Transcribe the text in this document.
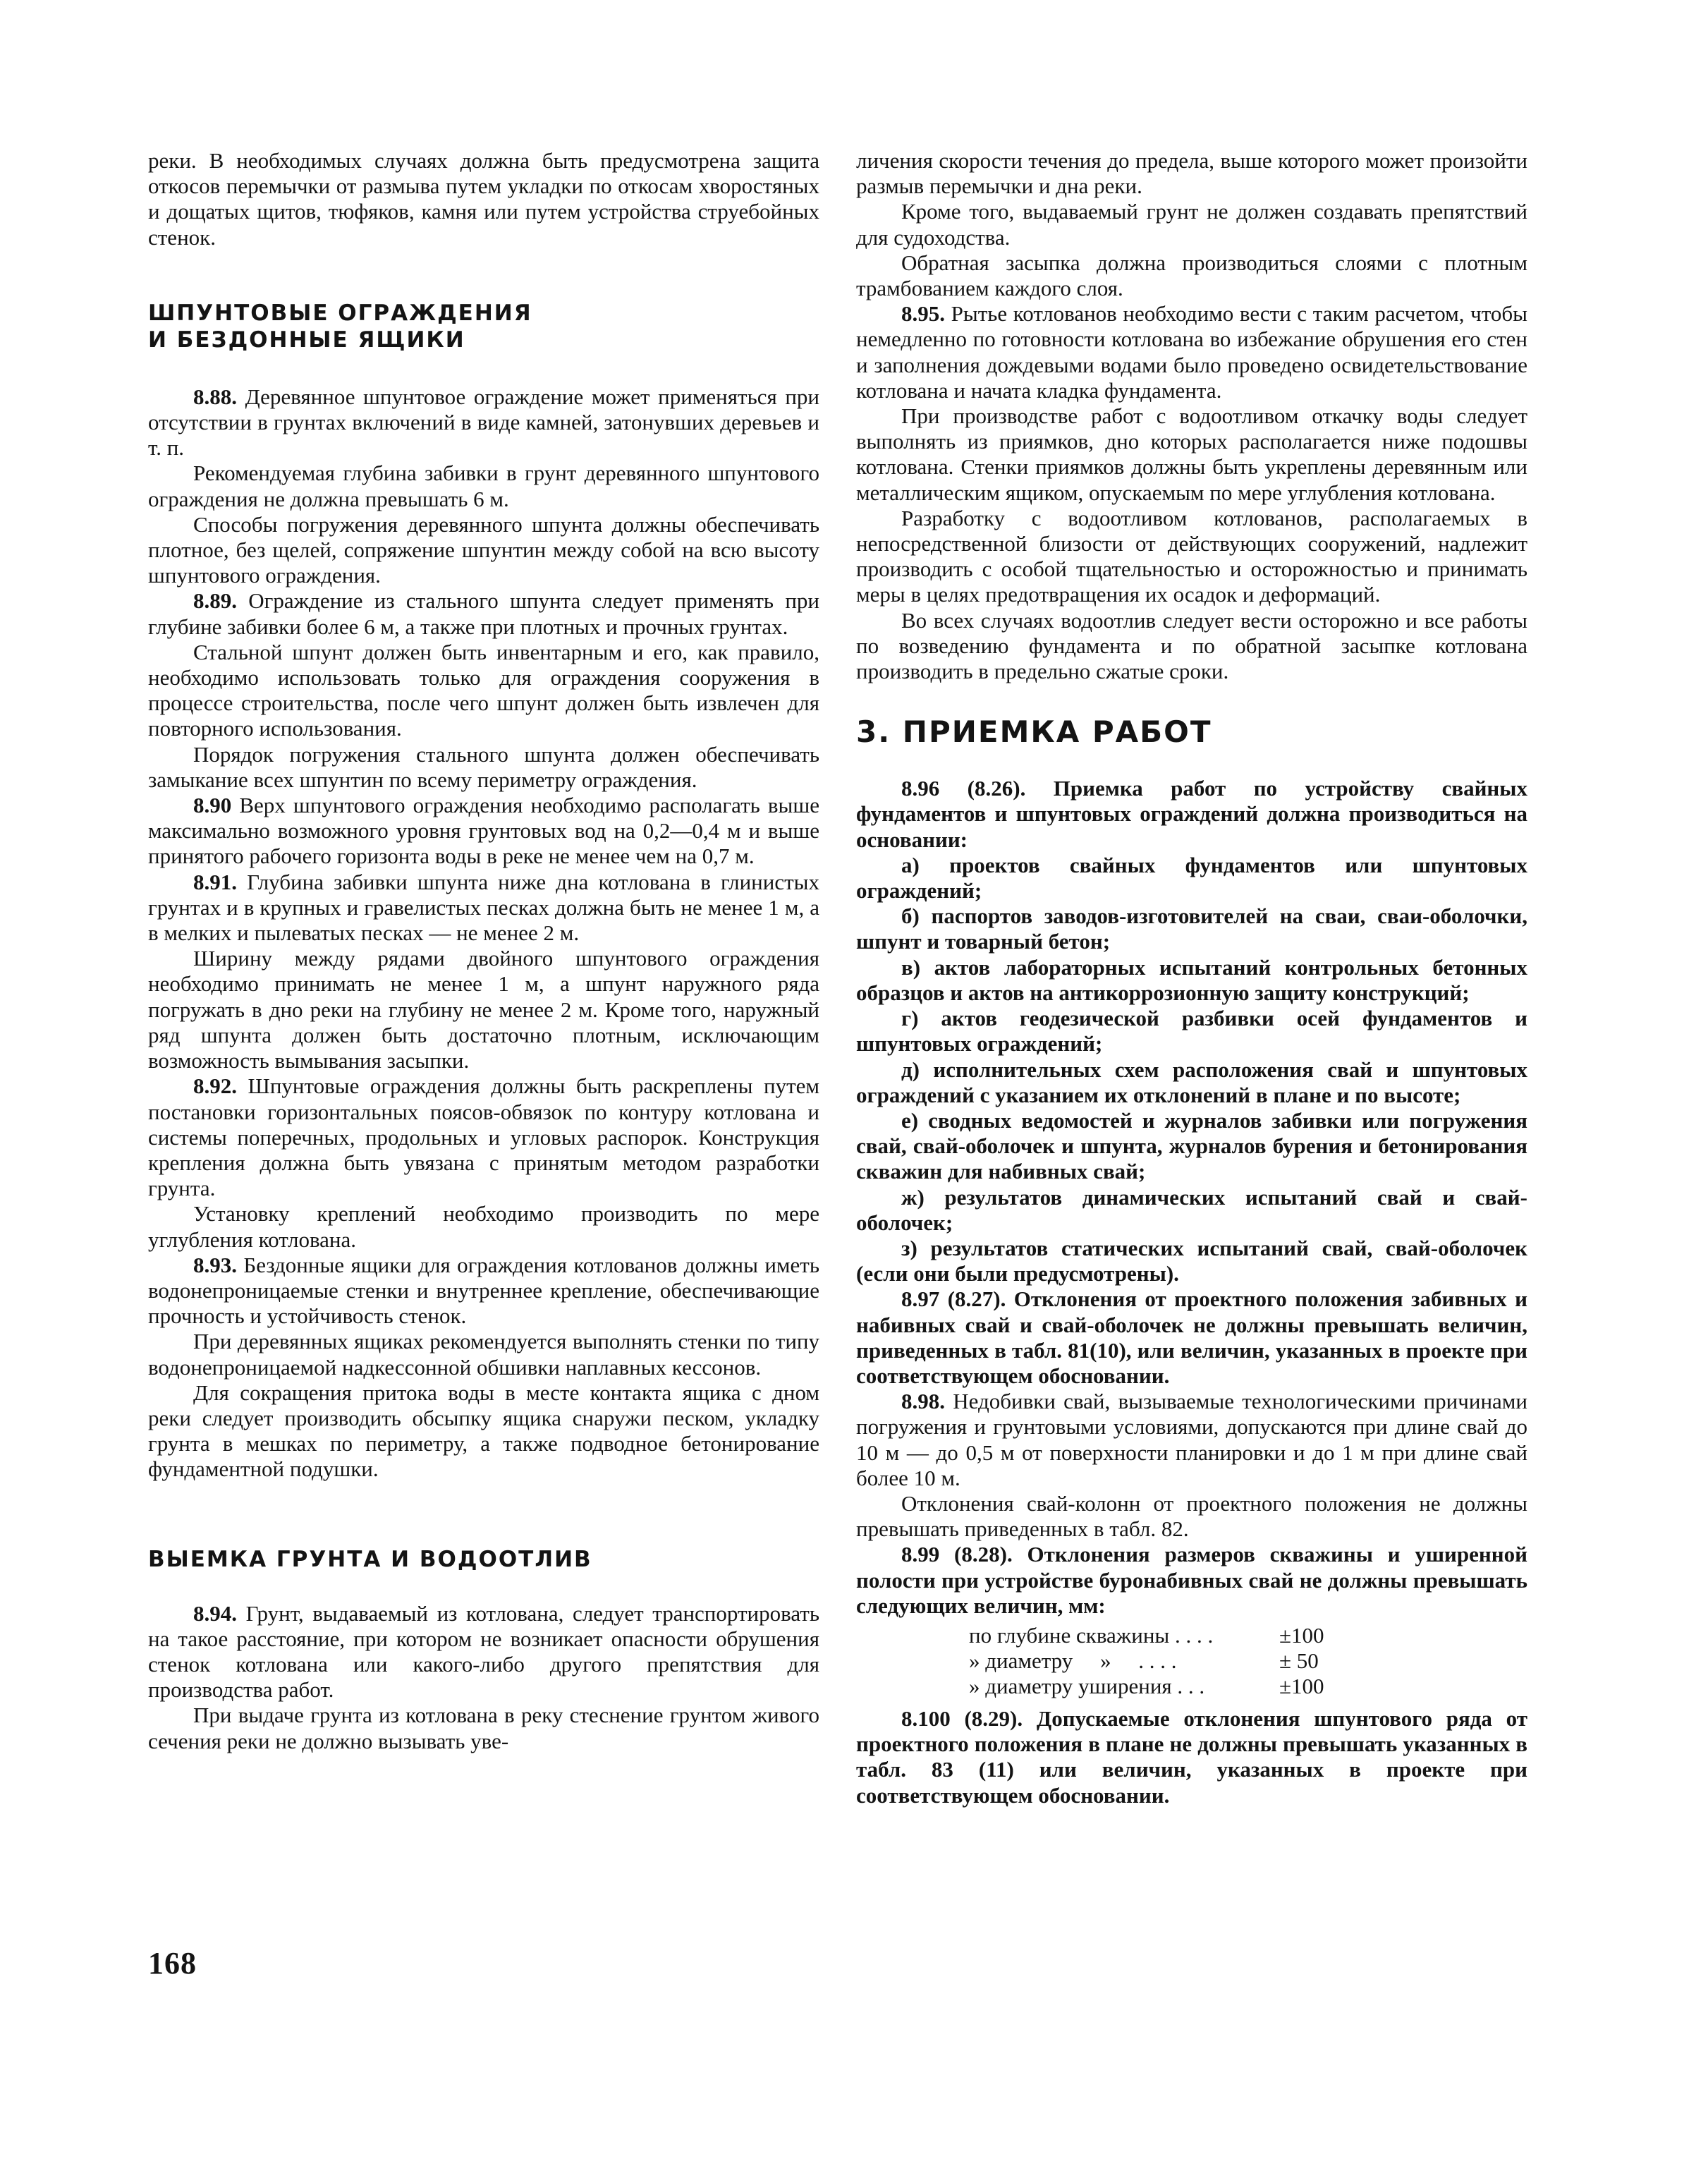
реки. В необходимых случаях должна быть предусмотрена защита откосов перемычки от размыва путем укладки по откосам хворостяных и дощатых щитов, тюфяков, камня или путем устройства струебойных стенок.

ШПУНТОВЫЕ ОГРАЖДЕНИЯ
И БЕЗДОННЫЕ ЯЩИКИ

8.88. Деревянное шпунтовое ограждение может применяться при отсутствии в грунтах включений в виде камней, затонувших деревьев и т. п.

Рекомендуемая глубина забивки в грунт деревянного шпунтового ограждения не должна превышать 6 м.

Способы погружения деревянного шпунта должны обеспечивать плотное, без щелей, сопряжение шпунтин между собой на всю высоту шпунтового ограждения.

8.89. Ограждение из стального шпунта следует применять при глубине забивки более 6 м, а также при плотных и прочных грунтах.

Стальной шпунт должен быть инвентарным и его, как правило, необходимо использовать только для ограждения сооружения в процессе строительства, после чего шпунт должен быть извлечен для повторного использования.

Порядок погружения стального шпунта должен обеспечивать замыкание всех шпунтин по всему периметру ограждения.

8.90 Верх шпунтового ограждения необходимо располагать выше максимально возможного уровня грунтовых вод на 0,2—0,4 м и выше принятого рабочего горизонта воды в реке не менее чем на 0,7 м.

8.91. Глубина забивки шпунта ниже дна котлована в глинистых грунтах и в крупных и гравелистых песках должна быть не менее 1 м, а в мелких и пылеватых песках — не менее 2 м.

Ширину между рядами двойного шпунтового ограждения необходимо принимать не менее 1 м, а шпунт наружного ряда погружать в дно реки на глубину не менее 2 м. Кроме того, наружный ряд шпунта должен быть достаточно плотным, исключающим возможность вымывания засыпки.

8.92. Шпунтовые ограждения должны быть раскреплены путем постановки горизонтальных поясов-обвязок по контуру котлована и системы поперечных, продольных и угловых распорок. Конструкция крепления должна быть увязана с принятым методом разработки грунта.

Установку креплений необходимо производить по мере углубления котлована.

8.93. Бездонные ящики для ограждения котлованов должны иметь водонепроницаемые стенки и внутреннее крепление, обеспечивающие прочность и устойчивость стенок.

При деревянных ящиках рекомендуется выполнять стенки по типу водонепроницаемой надкессонной обшивки наплавных кессонов.

Для сокращения притока воды в месте контакта ящика с дном реки следует производить обсыпку ящика снаружи песком, укладку грунта в мешках по периметру, а также подводное бетонирование фундаментной подушки.

ВЫЕМКА ГРУНТА И ВОДООТЛИВ

8.94. Грунт, выдаваемый из котлована, следует транспортировать на такое расстояние, при котором не возникает опасности обрушения стенок котлована или какого-либо другого препятствия для производства работ.

При выдаче грунта из котлована в реку стеснение грунтом живого сечения реки не должно вызывать уве-

личения скорости течения до предела, выше которого может произойти размыв перемычки и дна реки.

Кроме того, выдаваемый грунт не должен создавать препятствий для судоходства.

Обратная засыпка должна производиться слоями с плотным трамбованием каждого слоя.

8.95. Рытье котлованов необходимо вести с таким расчетом, чтобы немедленно по готовности котлована во избежание обрушения его стен и заполнения дождевыми водами было проведено освидетельствование котлована и начата кладка фундамента.

При производстве работ с водоотливом откачку воды следует выполнять из приямков, дно которых располагается ниже подошвы котлована. Стенки приямков должны быть укреплены деревянным или металлическим ящиком, опускаемым по мере углубления котлована.

Разработку с водоотливом котлованов, располагаемых в непосредственной близости от действующих сооружений, надлежит производить с особой тщательностью и осторожностью и принимать меры в целях предотвращения их осадок и деформаций.

Во всех случаях водоотлив следует вести осторожно и все работы по возведению фундамента и по обратной засыпке котлована производить в предельно сжатые сроки.

3. ПРИЕМКА РАБОТ

8.96 (8.26). Приемка работ по устройству свайных фундаментов и шпунтовых ограждений должна производиться на основании:

а) проектов свайных фундаментов или шпунтовых ограждений;

б) паспортов заводов-изготовителей на сваи, сваи-оболочки, шпунт и товарный бетон;

в) актов лабораторных испытаний контрольных бетонных образцов и актов на антикоррозионную защиту конструкций;

г) актов геодезической разбивки осей фундаментов и шпунтовых ограждений;

д) исполнительных схем расположения свай и шпунтовых ограждений с указанием их отклонений в плане и по высоте;

е) сводных ведомостей и журналов забивки или погружения свай, свай-оболочек и шпунта, журналов бурения и бетонирования скважин для набивных свай;

ж) результатов динамических испытаний свай и свай-оболочек;

з) результатов статических испытаний свай, свай-оболочек (если они были предусмотрены).

8.97 (8.27). Отклонения от проектного положения забивных и набивных свай и свай-оболочек не должны превышать величин, приведенных в табл. 81(10), или величин, указанных в проекте при соответствующем обосновании.

8.98. Недобивки свай, вызываемые технологическими причинами погружения и грунтовыми условиями, допускаются при длине свай до 10 м — до 0,5 м от поверхности планировки и до 1 м при длине свай более 10 м.

Отклонения свай-колонн от проектного положения не должны превышать приведенных в табл. 82.

8.99 (8.28). Отклонения размеров скважины и уширенной полости при устройстве буронабивных свай не должны превышать следующих величин, мм:

по глубине скважины . . . .	±100
» диаметру     »     . . . .	± 50
» диаметру уширения . . .	±100

8.100 (8.29). Допускаемые отклонения шпунтового ряда от проектного положения в плане не должны превышать указанных в табл. 83 (11) или величин, указанных в проекте при соответствующем обосновании.

168
